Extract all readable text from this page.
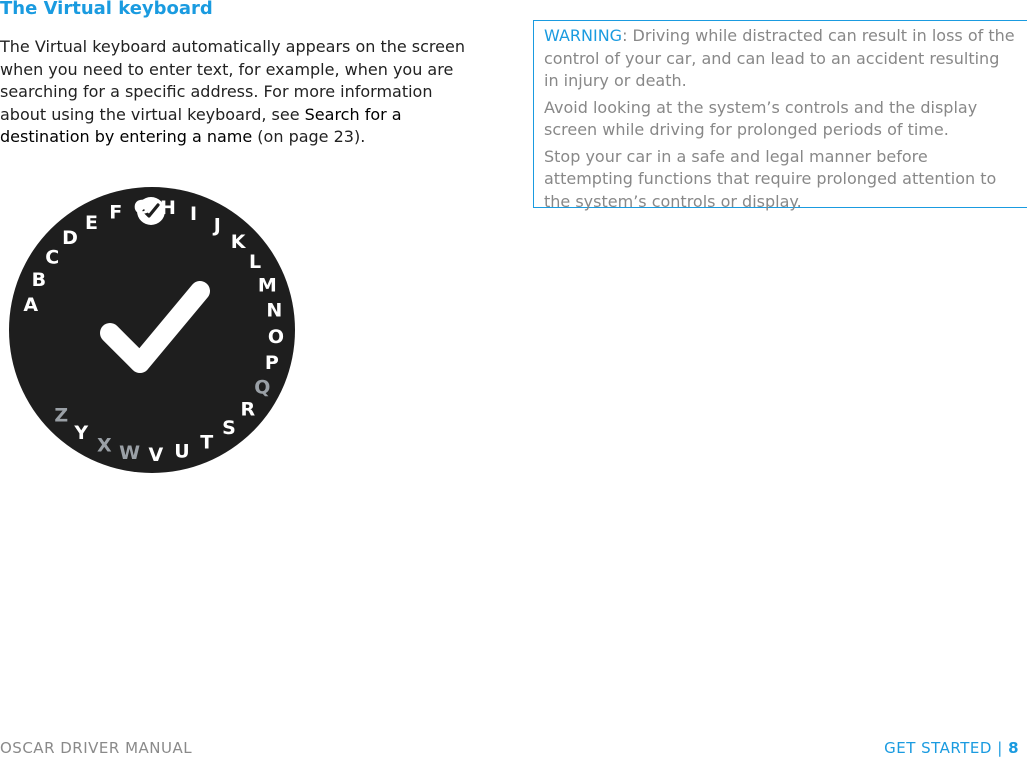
The Virtual keyboard

The Virtual keyboard automatically appears on the screen when you need to enter text, for example, when you are searching for a specific address. For more information about using the virtual keyboard, see Search for a destination by entering a name (on page 23).

A
B
C
D
E F G H I
J
K
L
M
N
O
P
Q
R
S
T
U
V
W
X
Y
Z

WARNING: Driving while distracted can result in loss of the control of your car, and can lead to an accident resulting in injury or death.

Avoid looking at the system’s controls and the display screen while driving for prolonged periods of time.

Stop your car in a safe and legal manner before attempting functions that require prolonged attention to the system’s controls or display.

OSCAR DRIVER MANUAL	GET STARTED | 8
